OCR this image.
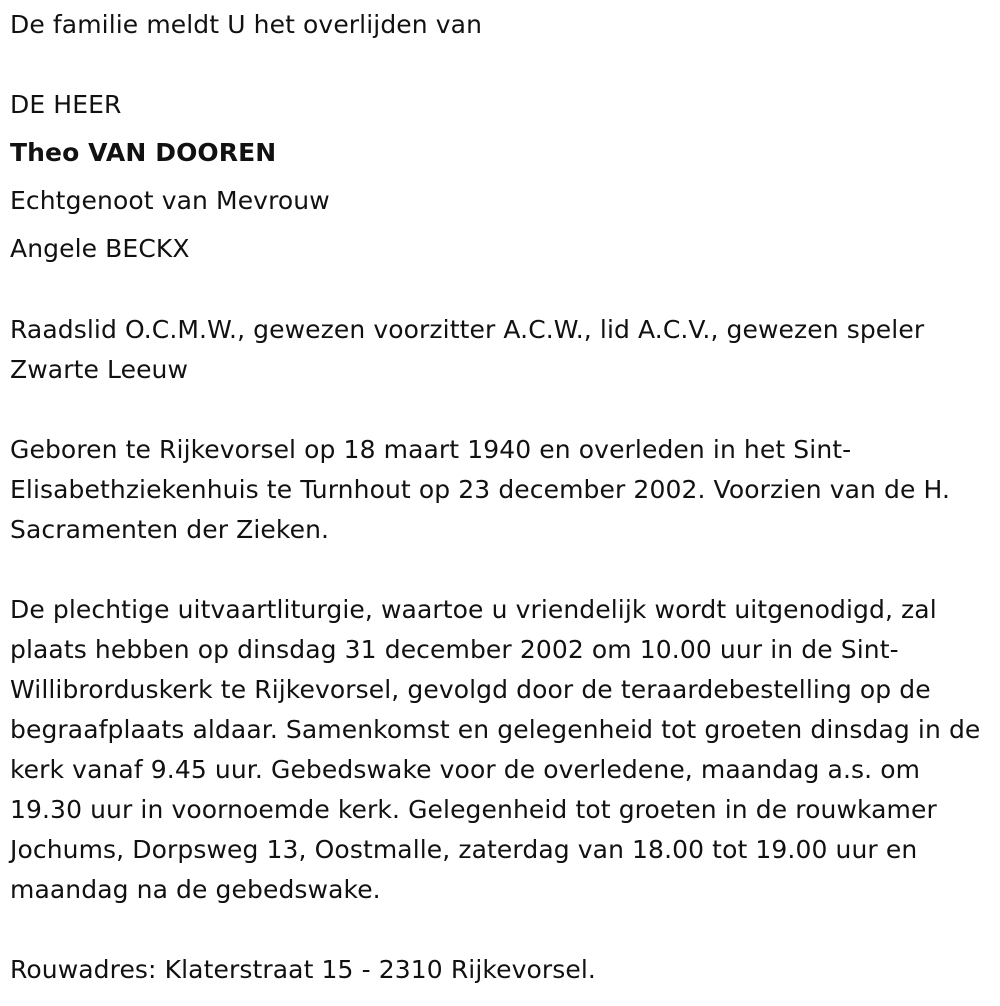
De familie meldt U het overlijden van
DE HEER
Theo VAN DOOREN
Echtgenoot van Mevrouw
Angele BECKX

Raadslid O.C.M.W., gewezen voorzitter A.C.W., lid A.C.V., gewezen speler Zwarte Leeuw

Geboren te Rijkevorsel op 18 maart 1940 en overleden in het Sint-Elisabethziekenhuis te Turnhout op 23 december 2002. Voorzien van de H. Sacramenten der Zieken.

De plechtige uitvaartliturgie, waartoe u vriendelijk wordt uitgenodigd, zal plaats hebben op dinsdag 31 december 2002 om 10.00 uur in de Sint-Willibrorduskerk te Rijkevorsel, gevolgd door de teraardebestelling op de begraafplaats aldaar. Samenkomst en gelegenheid tot groeten dinsdag in de kerk vanaf 9.45 uur. Gebedswake voor de overledene, maandag a.s. om 19.30 uur in voornoemde kerk. Gelegenheid tot groeten in de rouwkamer Jochums, Dorpsweg 13, Oostmalle, zaterdag van 18.00 tot 19.00 uur en maandag na de gebedswake.

Rouwadres: Klaterstraat 15 - 2310 Rijkevorsel.
